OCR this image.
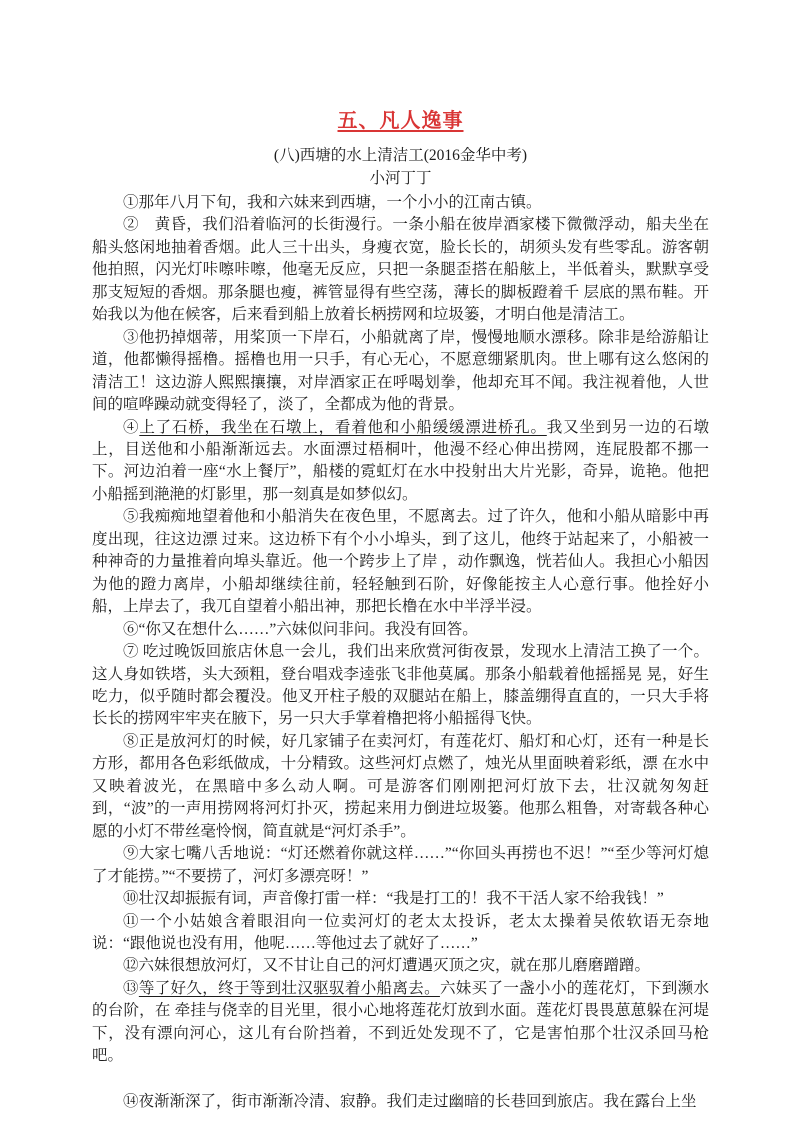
五、凡人逸事
(八)西塘的水上清洁工(2016金华中考)
小河丁丁

①那年八月下旬，我和六妹来到西塘，一个小小的江南古镇。

②　黄昏，我们沿着临河的长街漫行。一条小船在彼岸酒家楼下微微浮动，船夫坐在船头悠闲地抽着香烟。此人三十出头，身瘦衣宽，脸长长的，胡须头发有些零乱。游客朝他拍照，闪光灯咔嚓咔嚓，他毫无反应，只把一条腿歪搭在船舷上，半低着头，默默享受那支短短的香烟。那条腿也瘦，裤管显得有些空荡，薄长的脚板蹬着千 层底的黑布鞋。开始我以为他在候客，后来看到船上放着长柄捞网和垃圾篓，才明白他是清洁工。

③他扔掉烟蒂，用桨顶一下岸石，小船就离了岸，慢慢地顺水漂移。除非是给游船让道，他都懒得摇橹。摇橹也用一只手，有心无心，不愿意绷紧肌肉。世上哪有这么悠闲的清洁工！这边游人熙熙攘攘，对岸酒家正在呼喝划拳，他却充耳不闻。我注视着他，人世间的喧哗躁动就变得轻了，淡了，全都成为他的背景。

④上了石桥，我坐在石墩上，看着他和小船缓缓漂进桥孔。我又坐到另一边的石墩上，目送他和小船渐渐远去。水面漂过梧桐叶，他漫不经心伸出捞网，连屁股都不挪一下。河边泊着一座“水上餐厅”，船楼的霓虹灯在水中投射出大片光影，奇异，诡艳。他把小船摇到滟滟的灯影里，那一刻真是如梦似幻。

⑤我痴痴地望着他和小船消失在夜色里，不愿离去。过了许久，他和小船从暗影中再度出现，往这边漂 过来。这边桥下有个小小埠头，到了这儿，他终于站起来了，小船被一种神奇的力量推着向埠头靠近。他一个跨步上了岸 ，动作飘逸，恍若仙人。我担心小船因为他的蹬力离岸，小船却继续往前，轻轻触到石阶，好像能按主人心意行事。他拴好小船，上岸去了，我兀自望着小船出神，那把长橹在水中半浮半浸。

⑥“你又在想什么……”六妹似问非问。我没有回答。

⑦ 吃过晚饭回旅店休息一会儿，我们出来欣赏河街夜景，发现水上清洁工换了一个。这人身如铁塔，头大颈粗，登台唱戏李逵张飞非他莫属。那条小船载着他摇摇晃 晃，好生吃力，似乎随时都会覆没。他叉开柱子般的双腿站在船上，膝盖绷得直直的，一只大手将长长的捞网牢牢夹在腋下，另一只大手掌着橹把将小船摇得飞快。

⑧正是放河灯的时候，好几家铺子在卖河灯，有莲花灯、船灯和心灯，还有一种是长方形，都用各色彩纸做成，十分精致。这些河灯点燃了，烛光从里面映着彩纸，漂 在水中又映着波光，在黑暗中多么动人啊。可是游客们刚刚把河灯放下去，壮汉就匆匆赶到，“波”的一声用捞网将河灯扑灭，捞起来用力倒进垃圾篓。他那么粗鲁，对寄载各种心愿的小灯不带丝毫怜悯，简直就是“河灯杀手”。

⑨大家七嘴八舌地说：“灯还燃着你就这样……”“你回头再捞也不迟！”“至少等河灯熄了才能捞。”“不要捞了，河灯多漂亮呀！”

⑩壮汉却振振有词，声音像打雷一样：“我是打工的！我不干活人家不给我钱！”

⑪一个小姑娘含着眼泪向一位卖河灯的老太太投诉，老太太操着吴侬软语无奈地说：“跟他说也没有用，他呢……等他过去了就好了……”

⑫六妹很想放河灯，又不甘让自己的河灯遭遇灭顶之灾，就在那儿磨磨蹭蹭。

⑬等了好久，终于等到壮汉驱驭着小船离去。六妹买了一盏小小的莲花灯，下到濒水的台阶，在 牵挂与侥幸的目光里，很小心地将莲花灯放到水面。莲花灯畏畏葸葸躲在河堤下，没有漂向河心，这儿有台阶挡着，不到近处发现不了，它是害怕那个壮汉杀回马枪吧。

⑭夜渐渐深了，街市渐渐冷清、寂静。我们走过幽暗的长巷回到旅店。我在露台上坐
